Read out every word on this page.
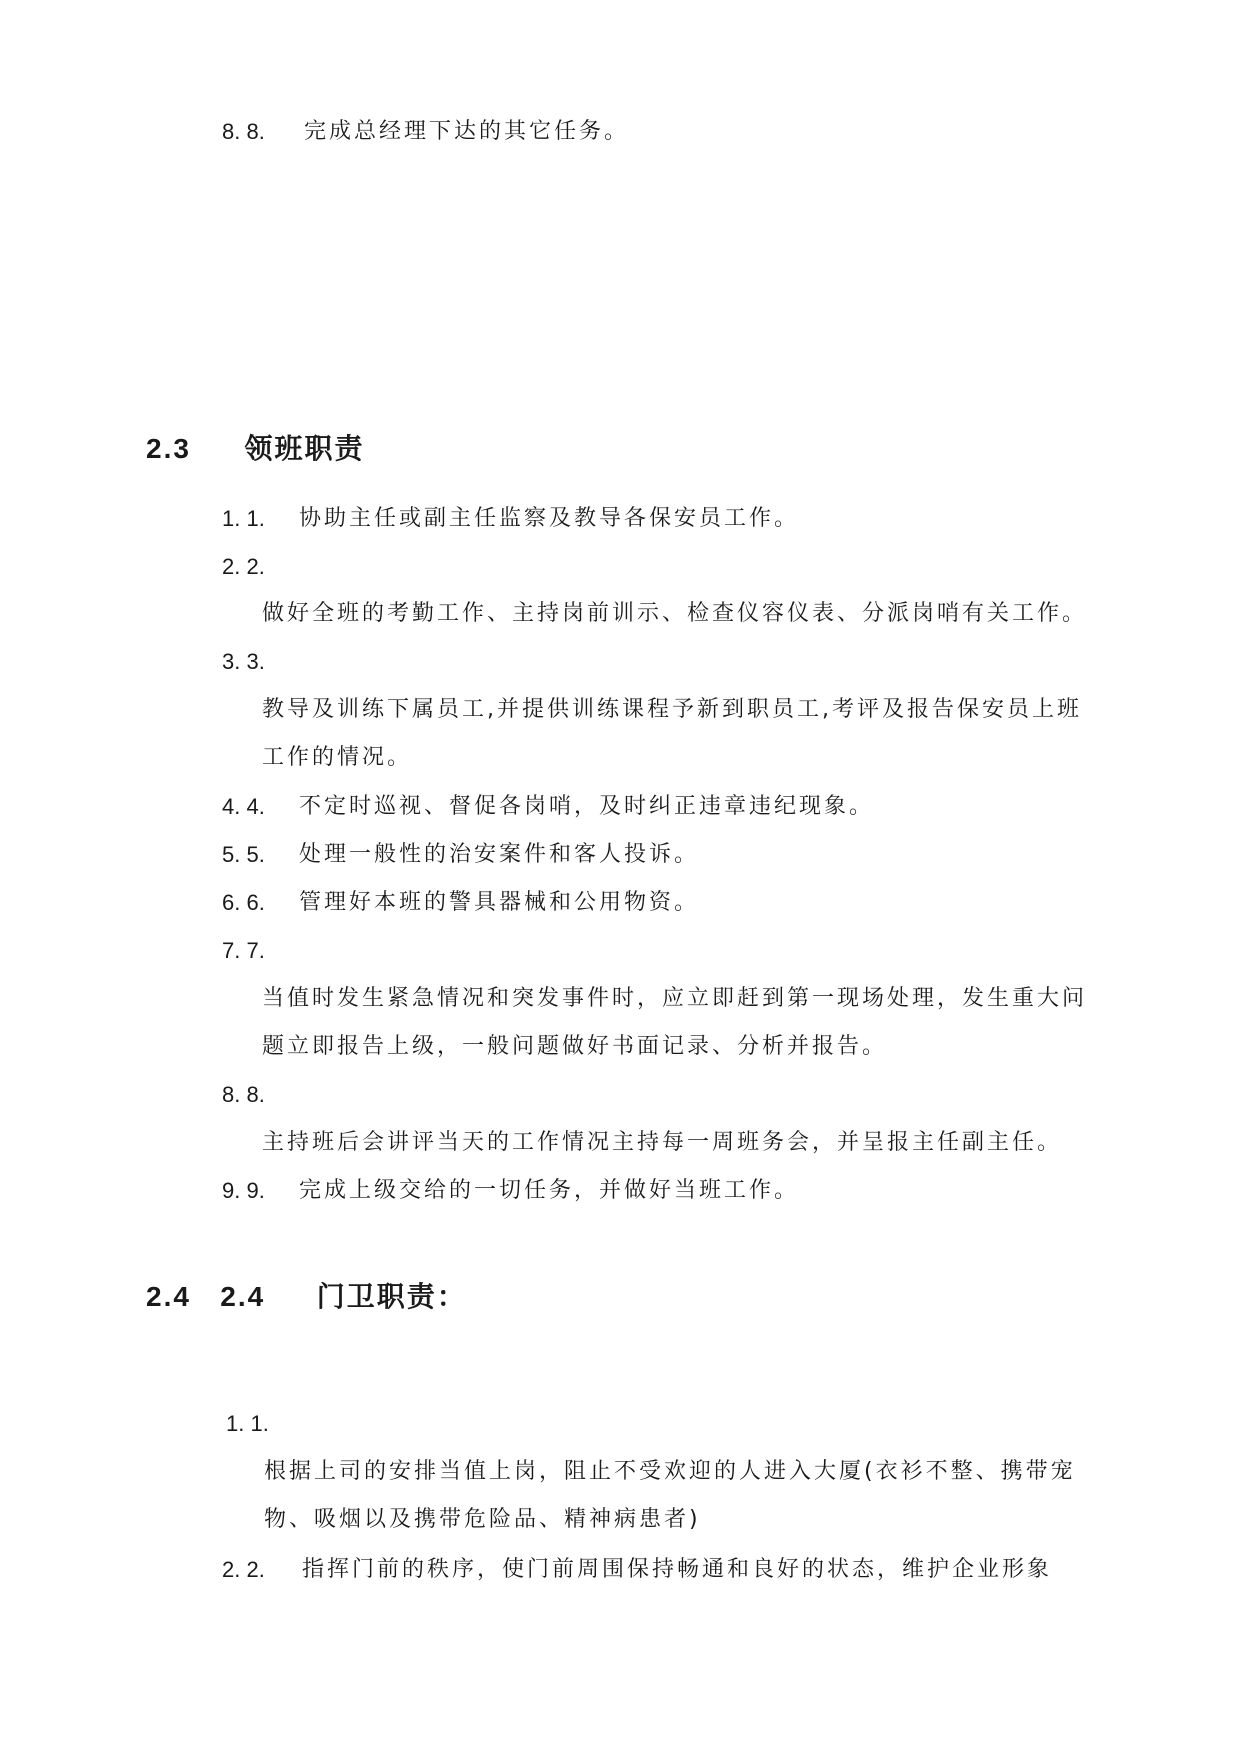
8. 8. 完成总经理下达的其它任务。
2.3 领班职责
1. 1. 协助主任或副主任监察及教导各保安员工作。
2. 2.
做好全班的考勤工作、主持岗前训示、检查仪容仪表、分派岗哨有关工作。
3. 3.
教导及训练下属员工,并提供训练课程予新到职员工,考评及报告保安员上班
工作的情况。
4. 4. 不定时巡视、督促各岗哨，及时纠正违章违纪现象。
5. 5. 处理一般性的治安案件和客人投诉。
6. 6. 管理好本班的警具器械和公用物资。
7. 7.
当值时发生紧急情况和突发事件时，应立即赶到第一现场处理，发生重大问
题立即报告上级，一般问题做好书面记录、分析并报告。
8. 8.
主持班后会讲评当天的工作情况主持每一周班务会，并呈报主任副主任。
9. 9. 完成上级交给的一切任务，并做好当班工作。
2.4   2.4 门卫职责：
1. 1.
根据上司的安排当值上岗，阻止不受欢迎的人进入大厦(衣衫不整、携带宠
物、吸烟以及携带危险品、精神病患者)
2. 2. 指挥门前的秩序，使门前周围保持畅通和良好的状态，维护企业形象
